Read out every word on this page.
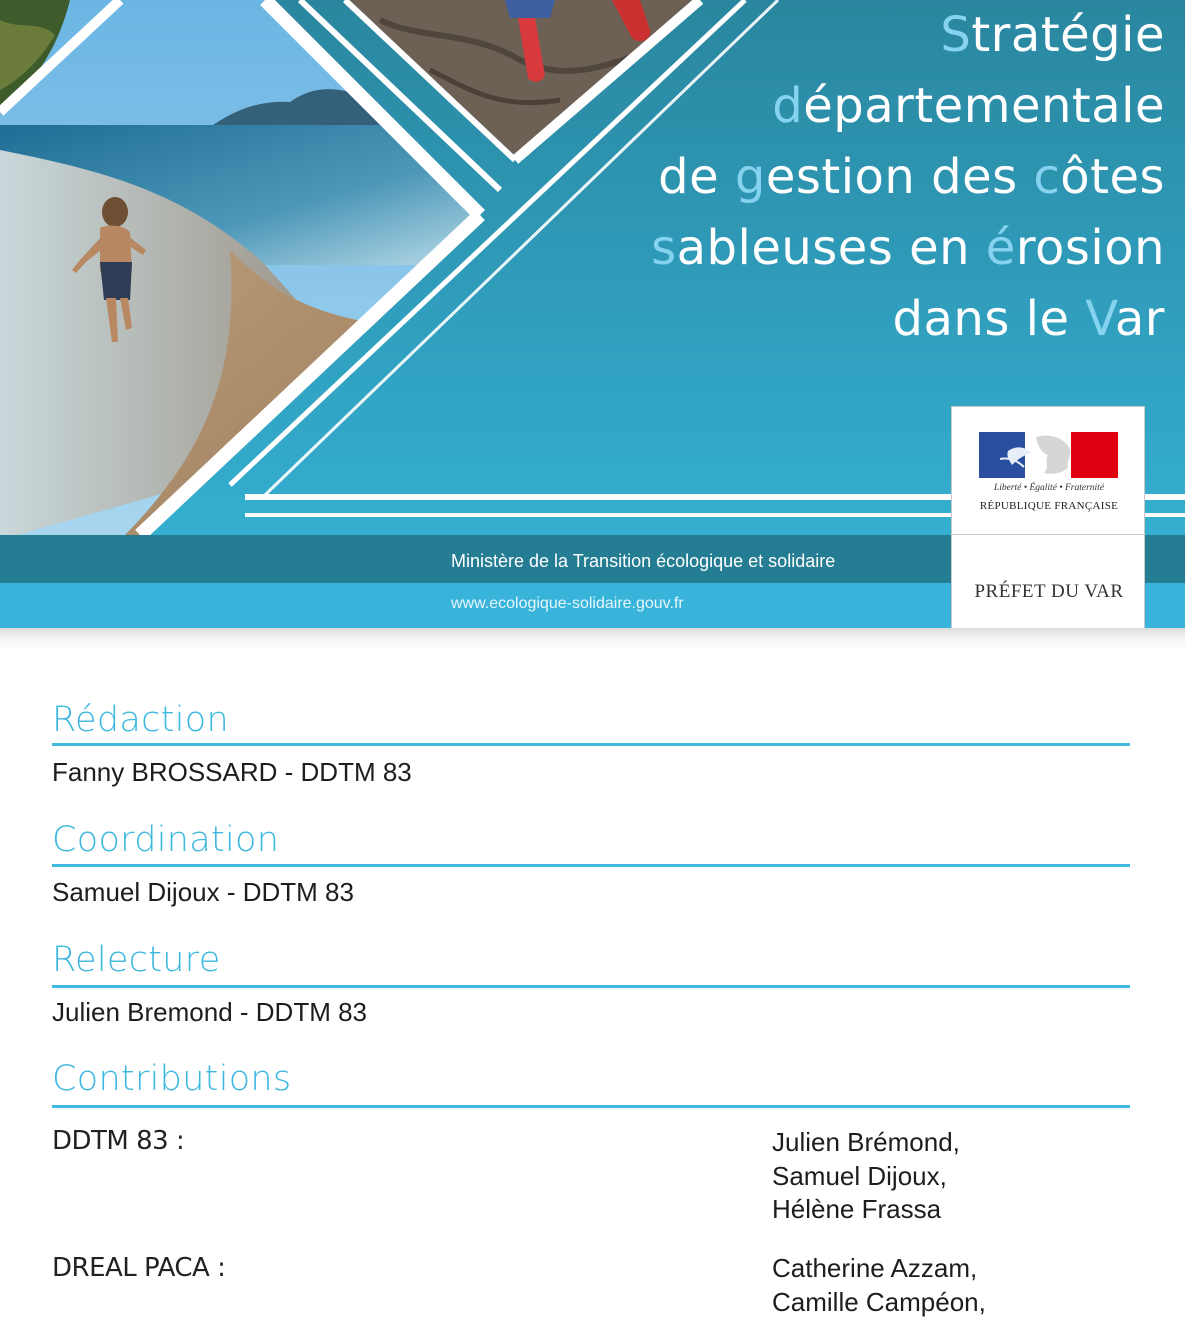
Stratégie
départementale
de gestion des côtes
sableuses en érosion
dans le Var
Ministère de la Transition écologique et solidaire
www.ecologique-solidaire.gouv.fr
Liberté • Égalité • Fraternité
RÉPUBLIQUE FRANÇAISE
PRÉFET DU VAR
Rédaction
Fanny BROSSARD - DDTM 83
Coordination
Samuel Dijoux - DDTM 83
Relecture
Julien Bremond - DDTM 83
Contributions
DDTM 83 :	Julien Brémond,
Samuel Dijoux,
Hélène Frassa
DREAL PACA :	Catherine Azzam,
Camille Campéon,
